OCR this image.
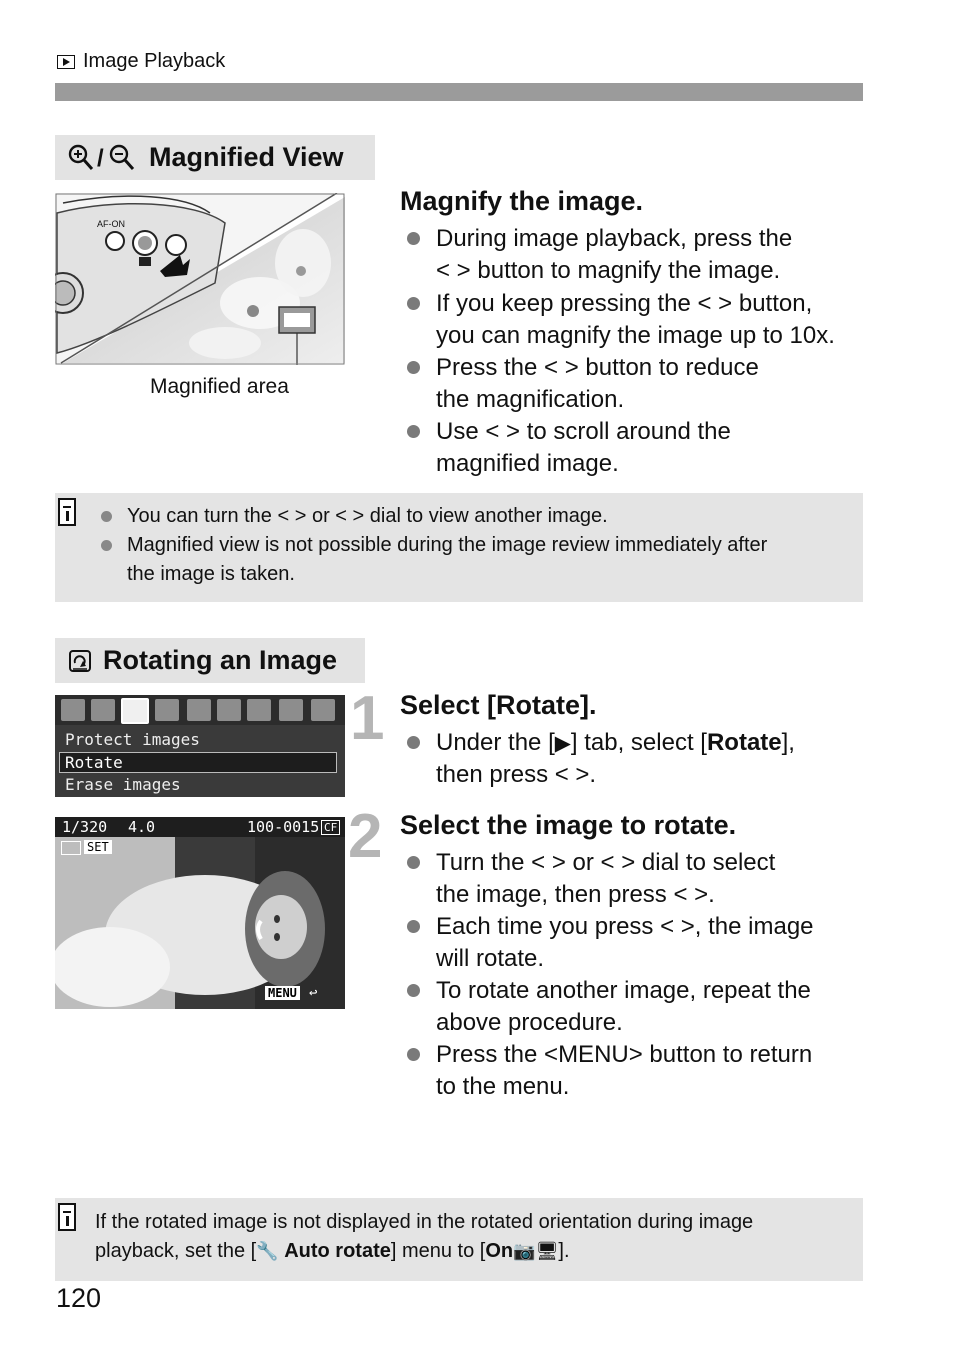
Image Playback
/ Magnified View
AF-ON
Magnified area
Magnify the image.
During image playback, press the
< > button to magnify the image.
If you keep pressing the < > button,
you can magnify the image up to 10x.
Press the < > button to reduce
the magnification.
Use < > to scroll around the
magnified image.
You can turn the < > or < > dial to view another image.
Magnified view is not possible during the image review immediately after
the image is taken.
Rotating an Image
Protect images
Rotate
Erase images
1/320 4.0	100-0015 CF
SET
MENU ↩
1
2
Select [Rotate].
Under the [▶] tab, select [Rotate],
then press < >.
Select the image to rotate.
Turn the < > or < > dial to select
the image, then press < >.
Each time you press < >, the image
will rotate.
To rotate another image, repeat the
above procedure.
Press the <MENU> button to return
to the menu.
If the rotated image is not displayed in the rotated orientation during image
playback, set the [🔧 Auto rotate] menu to [On📷🖥].
120
